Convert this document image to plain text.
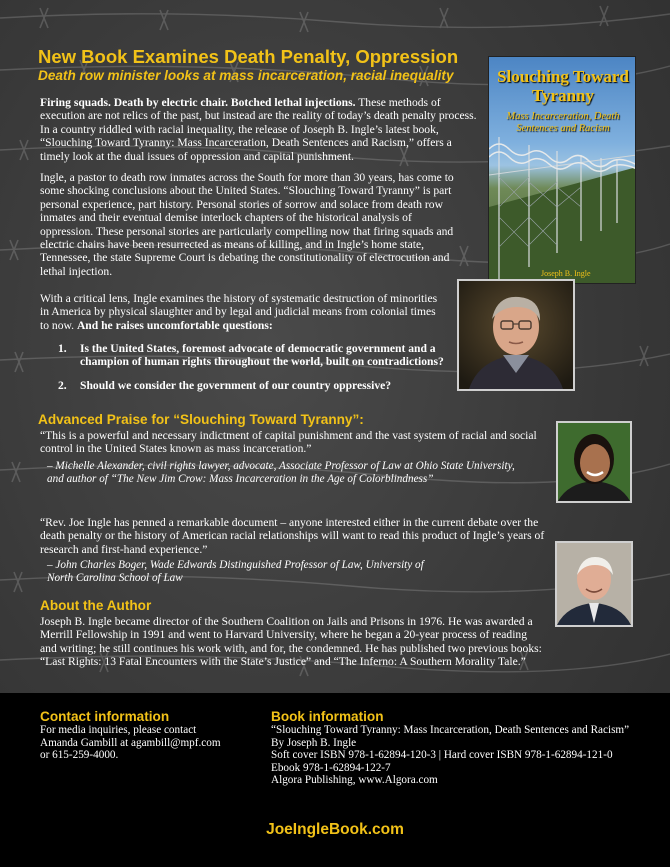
New Book Examines Death Penalty, Oppression
Death row minister looks at mass incarceration, racial inequality
Firing squads. Death by electric chair. Botched lethal injections. These methods of execution are not relics of the past, but instead are the reality of today’s death penalty process. In a country riddled with racial inequality, the release of Joseph B. Ingle’s latest book, “Slouching Toward Tyranny: Mass Incarceration, Death Sentences and Racism,” offers a timely look at the dual issues of oppression and capital punishment.
Ingle, a pastor to death row inmates across the South for more than 30 years, has come to some shocking conclusions about the United States. “Slouching Toward Tyranny” is part personal experience, part history. Personal stories of sorrow and solace from death row inmates and their eventual demise interlock chapters of the historical analysis of oppression. These personal stories are particularly compelling now that firing squads and electric chairs have been resurrected as means of killing, and in Ingle’s home state, Tennessee, the state Supreme Court is debating the constitutionality of electrocution and lethal injection.
With a critical lens, Ingle examines the history of systematic destruction of minorities in America by physical slaughter and by legal and judicial means from colonial times to now. And he raises uncomfortable questions:
1.	Is the United States, foremost advocate of democratic government and a champion of human rights throughout the world, built on contradictions?
2.	Should we consider the government of our country oppressive?
Slouching Toward Tyranny
Mass Incarceration, Death Sentences and Racism
Joseph B. Ingle
Advanced Praise for “Slouching Toward Tyranny”:
“This is a powerful and necessary indictment of capital punishment and the vast system of racial and social control in the United States known as mass incarceration.”
– Michelle Alexander, civil rights lawyer, advocate, Associate Professor of Law at Ohio State University, and author of “The New Jim Crow: Mass Incarceration in the Age of Colorblindness”
“Rev. Joe Ingle has penned a remarkable document – anyone interested either in the current debate over the death penalty or the history of American racial relationships will want to read this product of Ingle’s years of research and first-hand experience.”
– John Charles Boger, Wade Edwards Distinguished Professor of Law, University of North Carolina School of Law
About the Author
Joseph B. Ingle became director of the Southern Coalition on Jails and Prisons in 1976. He was awarded a Merrill Fellowship in 1991 and went to Harvard University, where he began a 20-year process of reading and writing; he still continues his work with, and for, the condemned. He has published two previous books: “Last Rights: 13 Fatal Encounters with the State’s Justice” and “The Inferno: A Southern Morality Tale.”
Contact information
For media inquiries, please contact
Amanda Gambill at agambill@mpf.com
or 615-259-4000.
Book information
“Slouching Toward Tyranny: Mass Incarceration, Death Sentences and Racism”
By Joseph B. Ingle
Soft cover ISBN 978-1-62894-120-3 | Hard cover ISBN 978-1-62894-121-0
Ebook 978-1-62894-122-7
Algora Publishing, www.Algora.com
JoeIngleBook.com
